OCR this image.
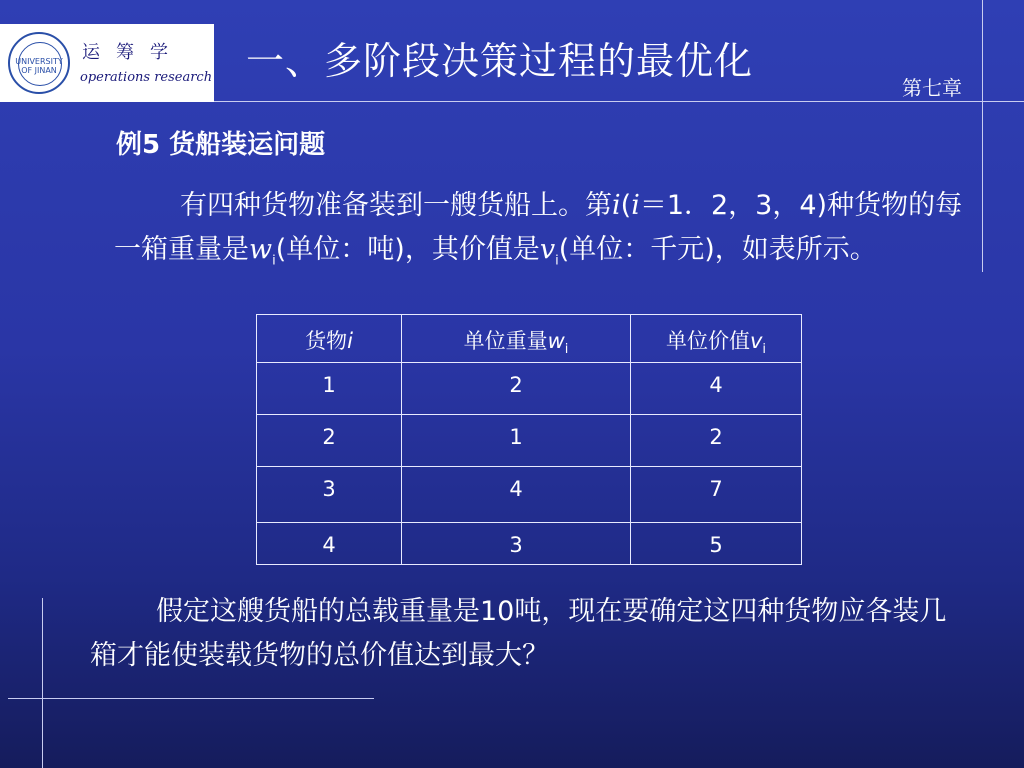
UNIVERSITY OF JINAN
运筹学
operations research 一、多阶段决策过程的最优化
第七章
例5 货船装运问题
有四种货物准备装到一艘货船上。第i(i＝1．2，3，4)种货物的每一箱重量是$w_i$(单位：吨)，其价值是$v_i$(单位：千元)，如表所示。
货物i	单位重量$w_i$	单位价值$v_i$
1	2	4
2	1	2
3	4	7
4	3	5
假定这艘货船的总载重量是10吨，现在要确定这四种货物应各装几箱才能使装载货物的总价值达到最大？
